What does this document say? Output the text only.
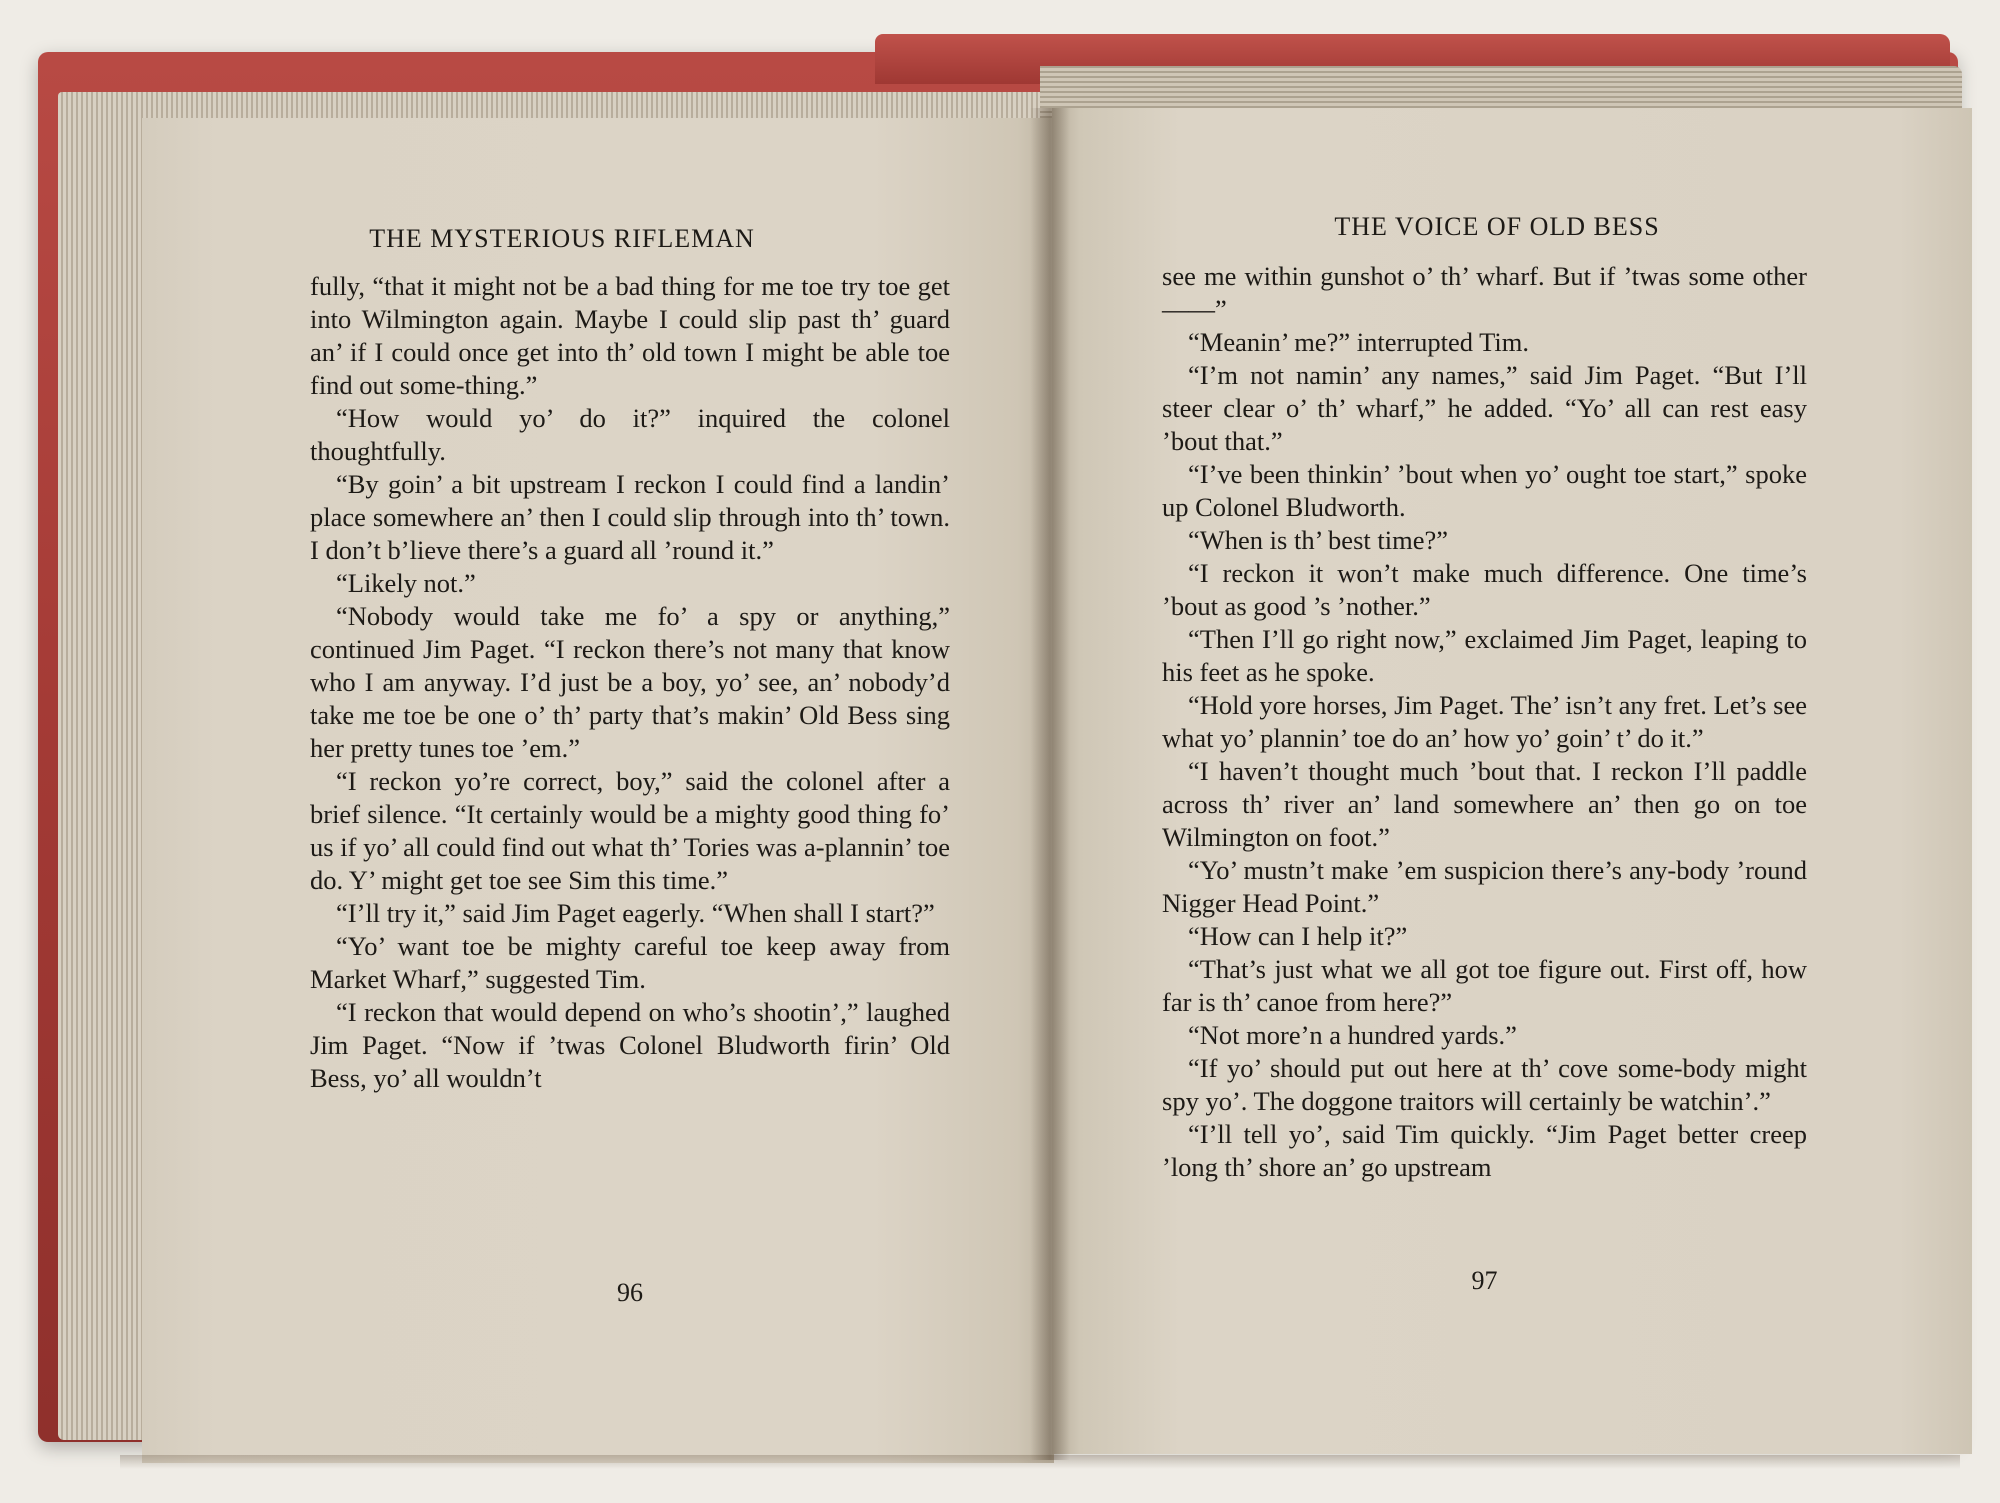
THE MYSTERIOUS RIFLEMAN

fully, “that it might not be a bad thing for me toe try toe get into Wilmington again. Maybe I could slip past th’ guard an’ if I could once get into th’ old town I might be able toe find out some-thing.”

“How would yo’ do it?” inquired the colonel thoughtfully.

“By goin’ a bit upstream I reckon I could find a landin’ place somewhere an’ then I could slip through into th’ town. I don’t b’lieve there’s a guard all ’round it.”

“Likely not.”

“Nobody would take me fo’ a spy or anything,” continued Jim Paget. “I reckon there’s not many that know who I am anyway. I’d just be a boy, yo’ see, an’ nobody’d take me toe be one o’ th’ party that’s makin’ Old Bess sing her pretty tunes toe ’em.”

“I reckon yo’re correct, boy,” said the colonel after a brief silence. “It certainly would be a mighty good thing fo’ us if yo’ all could find out what th’ Tories was a-plannin’ toe do. Y’ might get toe see Sim this time.”

“I’ll try it,” said Jim Paget eagerly. “When shall I start?”

“Yo’ want toe be mighty careful toe keep away from Market Wharf,” suggested Tim.

“I reckon that would depend on who’s shootin’,” laughed Jim Paget. “Now if ’twas Colonel Bludworth firin’ Old Bess, yo’ all wouldn’t

96
THE VOICE OF OLD BESS

see me within gunshot o’ th’ wharf. But if ’twas some other——”

“Meanin’ me?” interrupted Tim.

“I’m not namin’ any names,” said Jim Paget. “But I’ll steer clear o’ th’ wharf,” he added. “Yo’ all can rest easy ’bout that.”

“I’ve been thinkin’ ’bout when yo’ ought toe start,” spoke up Colonel Bludworth.

“When is th’ best time?”

“I reckon it won’t make much difference. One time’s ’bout as good ’s ’nother.”

“Then I’ll go right now,” exclaimed Jim Paget, leaping to his feet as he spoke.

“Hold yore horses, Jim Paget. The’ isn’t any fret. Let’s see what yo’ plannin’ toe do an’ how yo’ goin’ t’ do it.”

“I haven’t thought much ’bout that. I reckon I’ll paddle across th’ river an’ land somewhere an’ then go on toe Wilmington on foot.”

“Yo’ mustn’t make ’em suspicion there’s any-body ’round Nigger Head Point.”

“How can I help it?”

“That’s just what we all got toe figure out. First off, how far is th’ canoe from here?”

“Not more’n a hundred yards.”

“If yo’ should put out here at th’ cove some-body might spy yo’. The doggone traitors will certainly be watchin’.”

“I’ll tell yo’, said Tim quickly. “Jim Paget better creep ’long th’ shore an’ go upstream

97
